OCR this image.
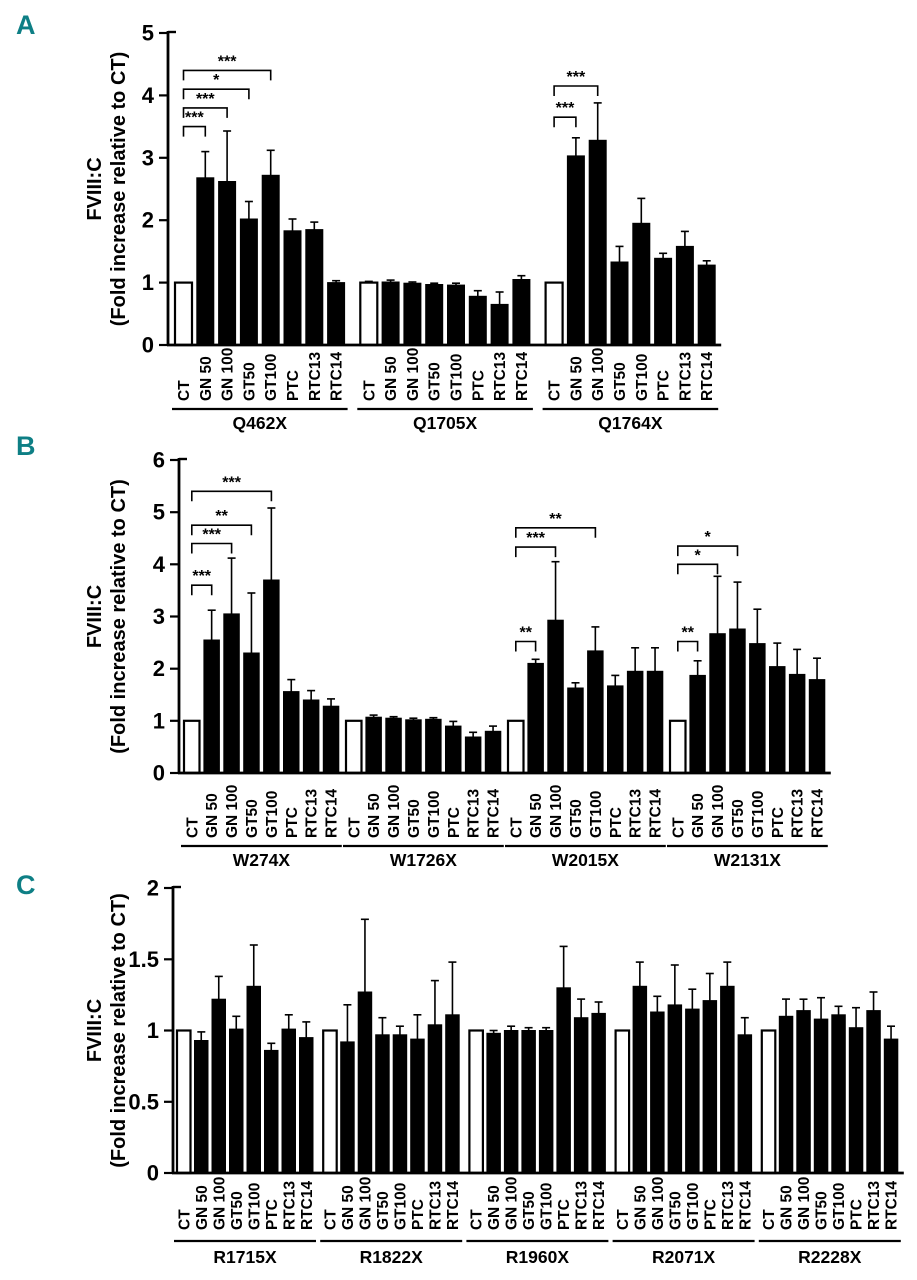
A
B
C
CT GN 50 GN 100 GT50 GT100 PTC RTC13 RTC14
***
***
*
***
Q462X
CT GN 50 GN 100 GT50 GT100 PTC RTC13 RTC14
Q1705X
CT GN 50 GN 100 GT50 GT100 PTC RTC13 RTC14
***
***
Q1764X
0
1
2
3
4
5
FVIII:C (Fold increase relative to CT)
CT GN 50 GN 100 GT50 GT100 PTC RTC13 RTC14
***
***
**
***
W274X
CT GN 50 GN 100 GT50 GT100 PTC RTC13 RTC14
W1726X
CT GN 50 GN 100 GT50 GT100 PTC RTC13 RTC14
**
***
**
W2015X
CT GN 50 GN 100 GT50 GT100 PTC RTC13 RTC14
**
*
*
W2131X
0
1
2
3
4
5
6
FVIII:C (Fold increase relative to CT)
CT GN 50 GN 100 GT50 GT100 PTC RTC13 RTC14
R1715X
CT GN 50 GN 100 GT50 GT100 PTC RTC13 RTC14
R1822X
CT GN 50 GN 100 GT50 GT100 PTC RTC13 RTC14
R1960X
CT GN 50 GN 100 GT50 GT100 PTC RTC13 RTC14
R2071X
CT GN 50 GN 100 GT50 GT100 PTC RTC13 RTC14
R2228X
0
0.5
1
1.5
2
FVIII:C (Fold increase relative to CT)
